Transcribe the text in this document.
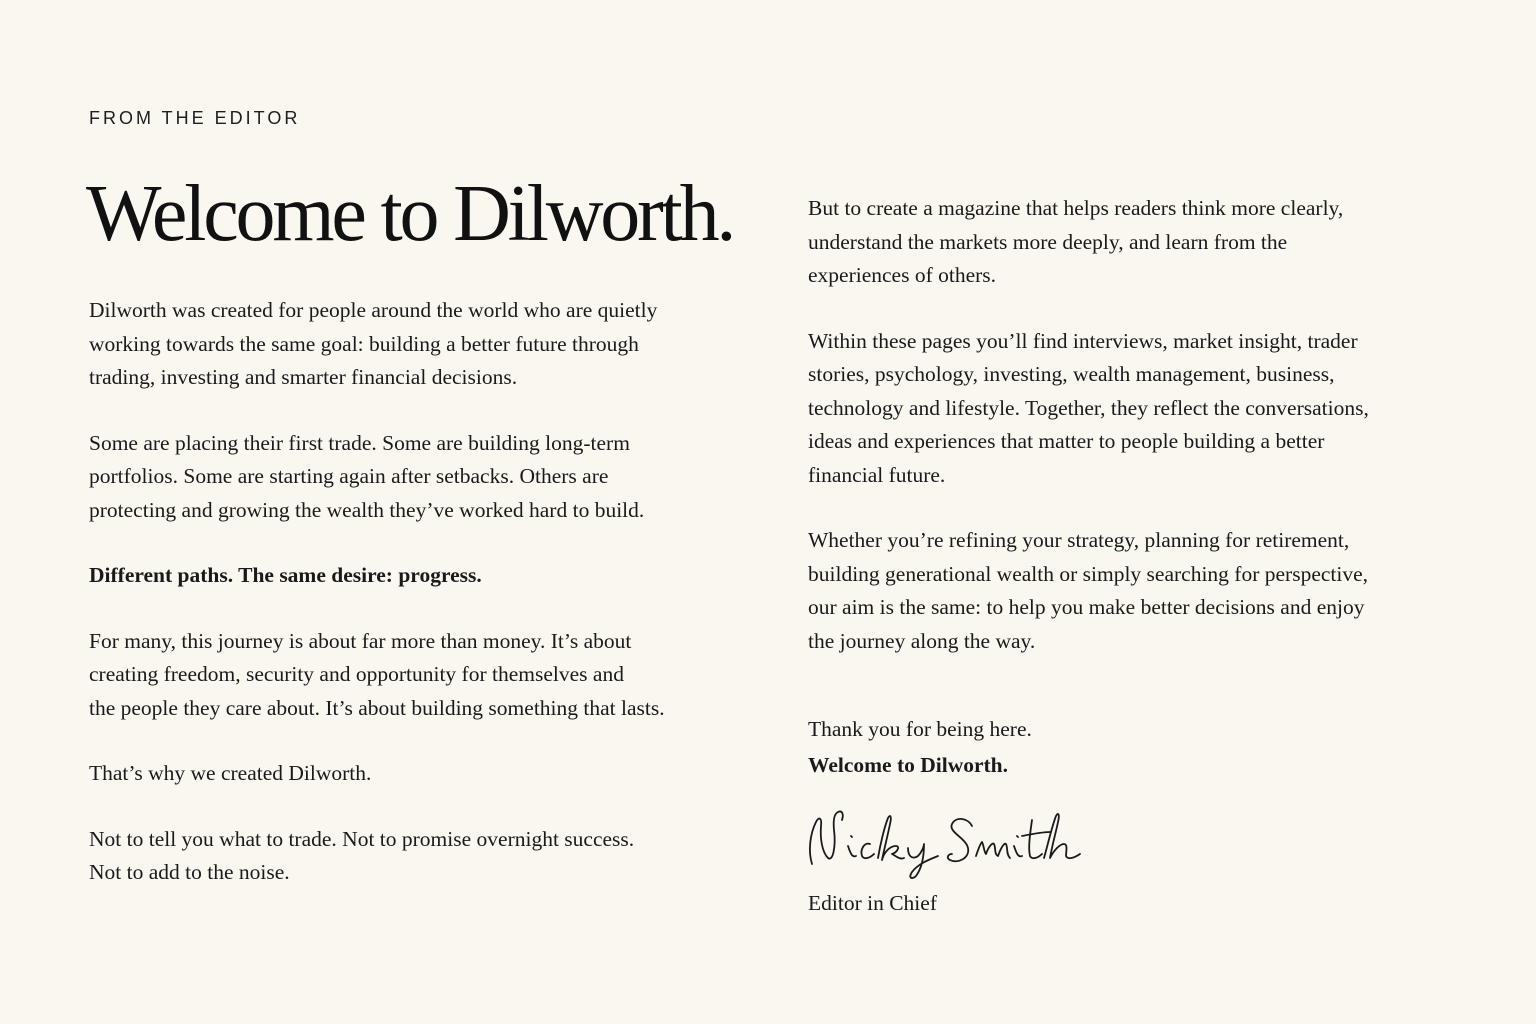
FROM THE EDITOR
Welcome to Dilworth.

Dilworth was created for people around the world who are quietly
working towards the same goal: building a better future through
trading, investing and smarter financial decisions.

Some are placing their first trade. Some are building long-term
portfolios. Some are starting again after setbacks. Others are
protecting and growing the wealth they’ve worked hard to build.

Different paths. The same desire: progress.

For many, this journey is about far more than money. It’s about
creating freedom, security and opportunity for themselves and
the people they care about. It’s about building something that lasts.

That’s why we created Dilworth.

Not to tell you what to trade. Not to promise overnight success.
Not to add to the noise.

But to create a magazine that helps readers think more clearly,
understand the markets more deeply, and learn from the
experiences of others.

Within these pages you’ll find interviews, market insight, trader
stories, psychology, investing, wealth management, business,
technology and lifestyle. Together, they reflect the conversations,
ideas and experiences that matter to people building a better
financial future.

Whether you’re refining your strategy, planning for retirement,
building generational wealth or simply searching for perspective,
our aim is the same: to help you make better decisions and enjoy
the journey along the way.

Thank you for being here.
Welcome to Dilworth.
Editor in Chief
